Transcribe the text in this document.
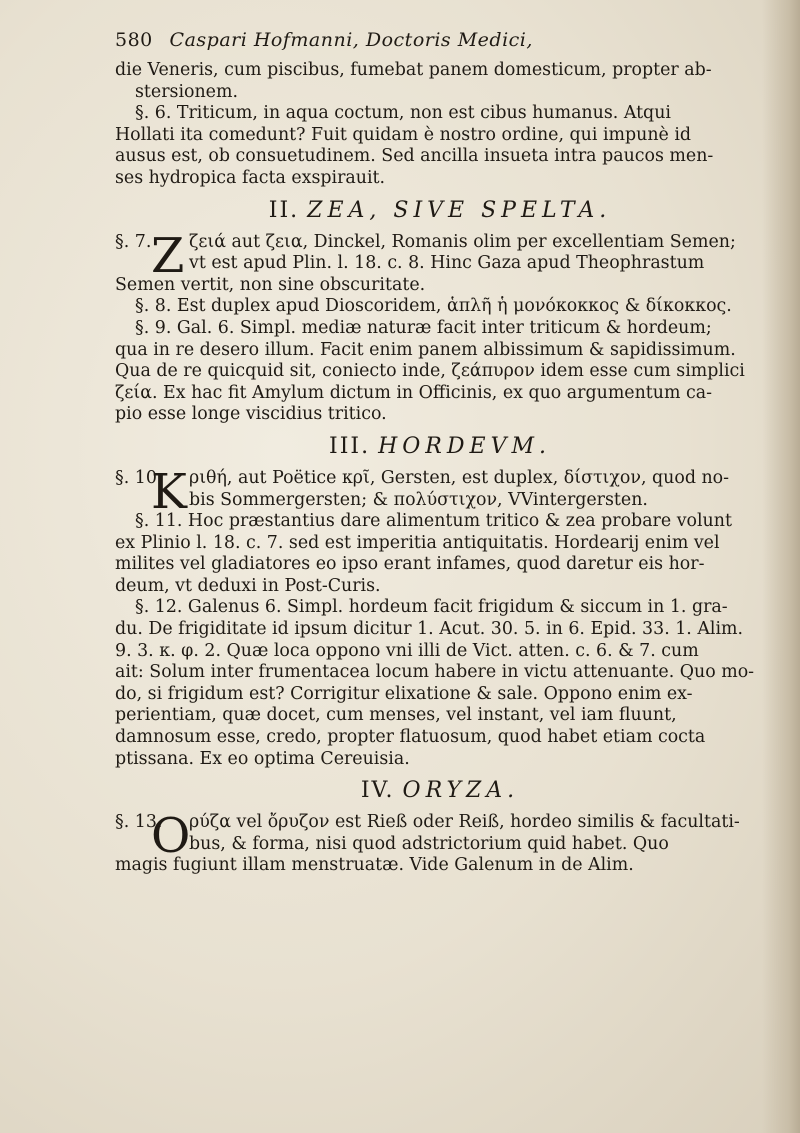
580 Caspari Hofmanni, Doctoris Medici,
die Veneris, cum piscibus, fumebat panem domesticum, propter ab-
stersionem.
§. 6. Triticum, in aqua coctum, non est cibus humanus. Atqui
Hollati ita comedunt? Fuit quidam è nostro ordine, qui impunè id
ausus est, ob consuetudinem. Sed ancilla insueta intra paucos men-
ses hydropica facta exspirauit.
II. ZEA, SIVE SPELTA.
Z
§. 7. ζειά aut ζεια, Dinckel, Romanis olim per excellentiam Semen;
vt est apud Plin. l. 18. c. 8. Hinc Gaza apud Theophrastum
Semen vertit, non sine obscuritate.
§. 8. Est duplex apud Dioscoridem, ἁπλῆ ἡ μονόκοκκος & δίκοκκος.
§. 9. Gal. 6. Simpl. mediæ naturæ facit inter triticum & hordeum;
qua in re desero illum. Facit enim panem albissimum & sapidissimum.
Qua de re quicquid sit, coniecto inde, ζεάπυρον idem esse cum simplici
ζεία. Ex hac fit Amylum dictum in Officinis, ex quo argumentum ca-
pio esse longe viscidius tritico.
III. HORDEVM.
K
§. 10. ριθή, aut Poëtice κρῖ, Gersten, est duplex, δίστιχον, quod no-
bis Sommergersten; & πολύστιχον, VVintergersten.
§. 11. Hoc præstantius dare alimentum tritico & zea probare volunt
ex Plinio l. 18. c. 7. sed est imperitia antiquitatis. Hordearij enim vel
milites vel gladiatores eo ipso erant infames, quod daretur eis hor-
deum, vt deduxi in Post-Curis.
§. 12. Galenus 6. Simpl. hordeum facit frigidum & siccum in 1. gra-
du. De frigiditate id ipsum dicitur 1. Acut. 30. 5. in 6. Epid. 33. 1. Alim.
9. 3. κ. φ. 2. Quæ loca oppono vni illi de Vict. atten. c. 6. & 7. cum
ait: Solum inter frumentacea locum habere in victu attenuante. Quo mo-
do, si frigidum est? Corrigitur elixatione & sale. Oppono enim ex-
perientiam, quæ docet, cum menses, vel instant, vel iam fluunt,
damnosum esse, credo, propter flatuosum, quod habet etiam cocta
ptissana. Ex eo optima Cereuisia.
IV. ORYZA.
O
§. 13. ρύζα vel ὄρυζον est Rieß oder Reiß, hordeo similis & facultati-
bus, & forma, nisi quod adstrictorium quid habet. Quo
magis fugiunt illam menstruatæ. Vide Galenum in de Alim.
